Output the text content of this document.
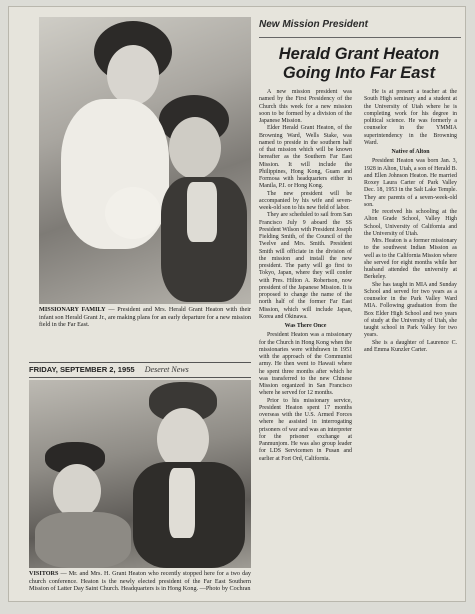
MISSIONARY FAMILY — President and Mrs. Herald Grant Heaton with their infant son Herald Grant Jr., are making plans for an early departure for a new mission field in the Far East.
FRIDAY, SEPTEMBER 2, 1955 Deseret News
VISITORS — Mr. and Mrs. H. Grant Heaton who recently stopped here for a two day church conference. Heaton is the newly elected president of the Far East Southern Mission of Latter Day Saint Church. Headquarters is in Hong Kong. —Photo by Cochran
New Mission President
Herald Grant Heaton Going Into Far East

A new mission president was named by the First Presidency of the Church this week for a new mission soon to be formed by a division of the Japanese Mission.

Elder Herald Grant Heaton, of the Browning Ward, Wells Stake, was named to preside in the southern half of that mission which will be known hereafter as the Southern Far East Mission. It will include the Philippines, Hong Kong, Guam and Formosa with headquarters either in Manila, P.I. or Hong Kong.

The new president will be accompanied by his wife and seven-week-old son to his new field of labor.

They are scheduled to sail from San Francisco July 9 aboard the SS President Wilson with President Joseph Fielding Smith, of the Council of the Twelve and Mrs. Smith. President Smith will officiate in the division of the mission and install the new president. The party will go first to Tokyo, Japan, where they will confer with Pres. Hilton A. Robertson, now president of the Japanese Mission. It is proposed to change the name of the north half of the former Far East Mission, which will include Japan, Korea and Okinawa.

Was There Once

President Heaton was a missionary for the Church in Hong Kong when the missionaries were withdrawn in 1951 with the approach of the Communist army. He then went to Hawaii where he spent three months after which he was transferred to the new Chinese Mission organized in San Francisco where he served for 12 months.

Prior to his missionary service, President Heaton spent 17 months overseas with the U.S. Armed Forces where he assisted in interrogating prisoners of war and was an interpreter for the prisoner exchange at Panmunjom. He was also group leader for LDS Servicemen in Pusan and earlier at Fort Ord, California.

He is at present a teacher at the South High seminary and a student at the University of Utah where he is completing work for his degree in political science. He was formerly a counselor in the YMMIA superintendency in the Browning Ward.

Native of Alton

President Heaton was born Jan. 3, 1928 in Alton, Utah, a son of Herald B. and Ellen Johnson Heaton. He married Roxey Laura Carter of Park Valley Dec. 18, 1953 in the Salt Lake Temple. They are parents of a seven-week-old son.

He received his schooling at the Alton Grade School, Valley High School, University of California and the University of Utah.

Mrs. Heaton is a former missionary to the southwest Indian Mission as well as to the California Mission where she served for eight months while her husband attended the university at Berkeley.

She has taught in MIA and Sunday School and served for two years as a counselor in the Park Valley Ward MIA. Following graduation from the Box Elder High School and two years of study at the University of Utah, she taught school in Park Valley for two years.

She is a daughter of Laurence C. and Emma Kunzler Carter.
